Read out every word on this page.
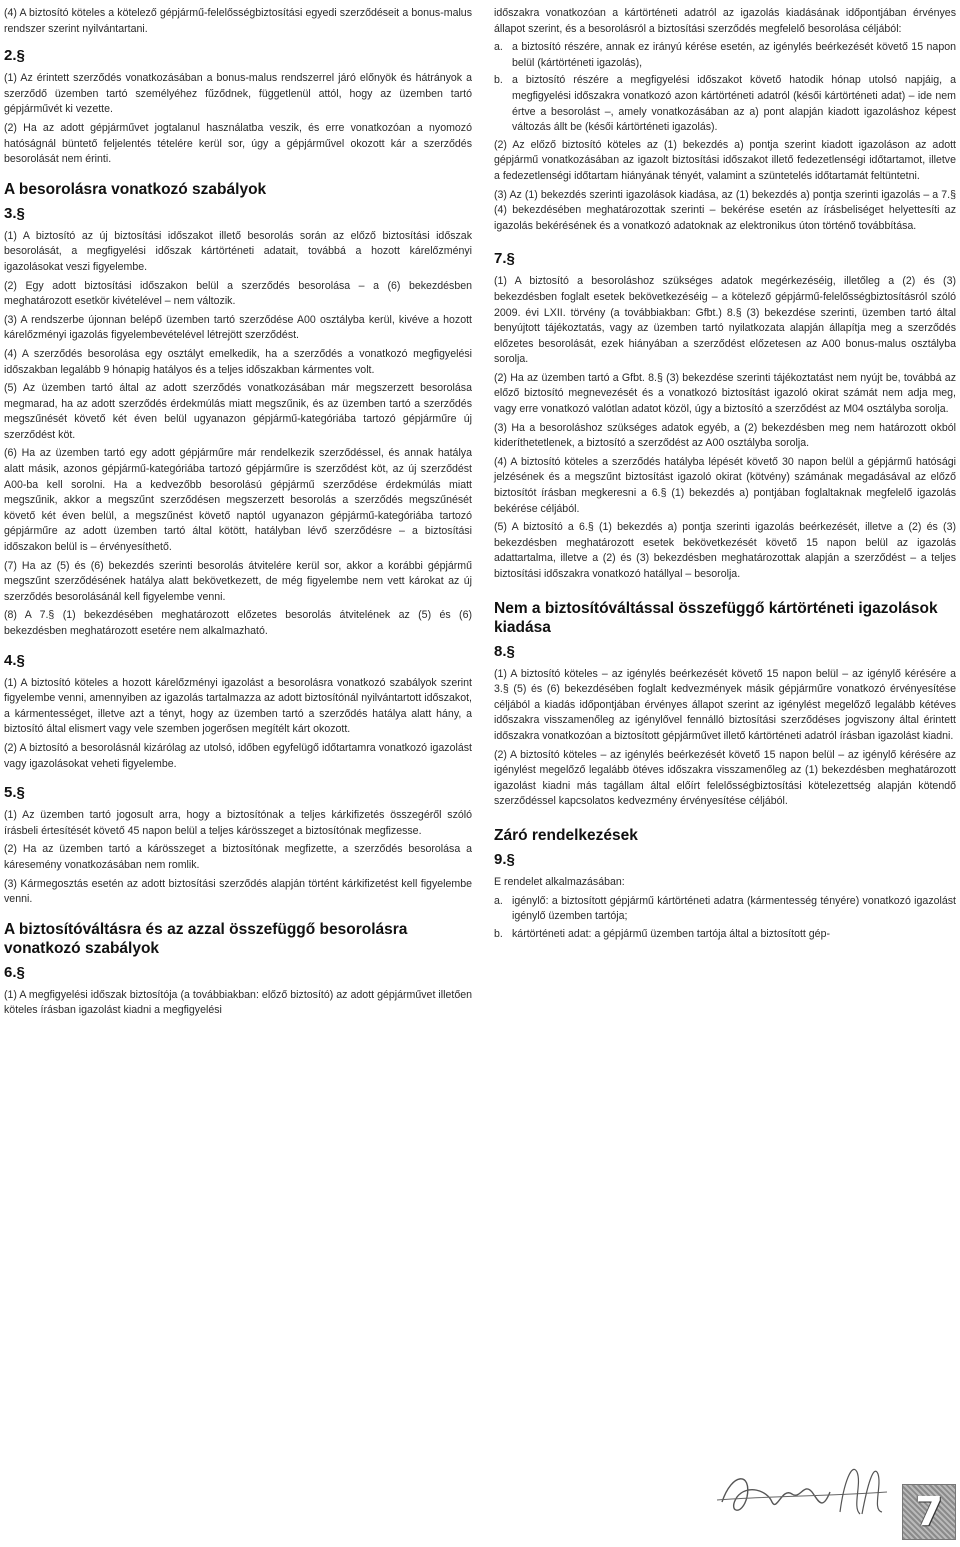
(4) A biztosító köteles a kötelező gépjármű-felelősségbiztosítási egyedi szerződéseit a bonus-malus rendszer szerint nyilvántartani.

2.§

(1) Az érintett szerződés vonatkozásában a bonus-malus rendszerrel járó előnyök és hátrányok a szerződő üzemben tartó személyéhez fűződnek, függetlenül attól, hogy az üzemben tartó gépjárművét ki vezette.

(2) Ha az adott gépjárművet jogtalanul használatba veszik, és erre vonatkozóan a nyomozó hatóságnál büntető feljelentés tételére kerül sor, úgy a gépjárművel okozott kár a szerződés besorolását nem érinti.

A besorolásra vonatkozó szabályok
3.§

(1) A biztosító az új biztosítási időszakot illető besorolás során az előző biztosítási időszak besorolását, a megfigyelési időszak kártörténeti adatait, továbbá a hozott kárelőzményi igazolásokat veszi figyelembe.

(2) Egy adott biztosítási időszakon belül a szerződés besorolása – a (6) bekezdésben meghatározott esetkör kivételével – nem változik.

(3) A rendszerbe újonnan belépő üzemben tartó szerződése A00 osztályba kerül, kivéve a hozott kárelőzményi igazolás figyelembevételével létrejött szerződést.

(4) A szerződés besorolása egy osztályt emelkedik, ha a szerződés a vonatkozó megfigyelési időszakban legalább 9 hónapig hatályos és a teljes időszakban kármentes volt.

(5) Az üzemben tartó által az adott szerződés vonatkozásában már megszerzett besorolása megmarad, ha az adott szerződés érdekmúlás miatt megszűnik, és az üzemben tartó a szerződés megszűnését követő két éven belül ugyanazon gépjármű-kategóriába tartozó gépjárműre új szerződést köt.

(6) Ha az üzemben tartó egy adott gépjárműre már rendelkezik szerződéssel, és annak hatálya alatt másik, azonos gépjármű-kategóriába tartozó gépjárműre is szerződést köt, az új szerződést A00-ba kell sorolni. Ha a kedvezőbb besorolású gépjármű szerződése érdekmúlás miatt megszűnik, akkor a megszűnt szerződésen megszerzett besorolás a szerződés megszűnését követő két éven belül, a megszűnést követő naptól ugyanazon gépjármű-kategóriába tartozó gépjárműre az adott üzemben tartó által kötött, hatályban lévő szerződésre – a biztosítási időszakon belül is – érvényesíthető.

(7) Ha az (5) és (6) bekezdés szerinti besorolás átvitelére kerül sor, akkor a korábbi gépjármű megszűnt szerződésének hatálya alatt bekövetkezett, de még figyelembe nem vett károkat az új szerződés besorolásánál kell figyelembe venni.

(8) A 7.§ (1) bekezdésében meghatározott előzetes besorolás átvitelének az (5) és (6) bekezdésben meghatározott esetére nem alkalmazható.

4.§

(1) A biztosító köteles a hozott kárelőzményi igazolást a besorolásra vonatkozó szabályok szerint figyelembe venni, amennyiben az igazolás tartalmazza az adott biztosítónál nyilvántartott időszakot, a kármentességet, illetve azt a tényt, hogy az üzemben tartó a szerződés hatálya alatt hány, a biztosító által elismert vagy vele szemben jogerősen megítélt kárt okozott.

(2) A biztosító a besorolásnál kizárólag az utolsó, időben egyfelügő időtartamra vonatkozó igazolást vagy igazolásokat veheti figyelembe.

5.§

(1) Az üzemben tartó jogosult arra, hogy a biztosítónak a teljes kárkifizetés összegéről szóló írásbeli értesítését követő 45 napon belül a teljes kárösszeget a biztosítónak megfizesse.

(2) Ha az üzemben tartó a kárösszeget a biztosítónak megfizette, a szerződés besorolása a káresemény vonatkozásában nem romlik.

(3) Kármegosztás esetén az adott biztosítási szerződés alapján történt kárkifizetést kell figyelembe venni.

A biztosítóváltásra és az azzal összefüggő besorolásra vonatkozó szabályok
6.§

(1) A megfigyelési időszak biztosítója (a továbbiakban: előző biztosító) az adott gépjárművet illetően köteles írásban igazolást kiadni a megfigyelési

időszakra vonatkozóan a kártörténeti adatról az igazolás kiadásának időpontjában érvényes állapot szerint, és a besorolásról a biztosítási szerződés megfelelő besorolása céljából:

a. a biztosító részére, annak ez irányú kérése esetén, az igénylés beérkezését követő 15 napon belül (kártörténeti igazolás),
b. a biztosító részére a megfigyelési időszakot követő hatodik hónap utolsó napjáig, a megfigyelési időszakra vonatkozó azon kártörténeti adatról (késői kártörténeti adat) – ide nem értve a besorolást –, amely vonatkozásában az a) pont alapján kiadott igazoláshoz képest változás állt be (késői kártörténeti igazolás).

(2) Az előző biztosító köteles az (1) bekezdés a) pontja szerint kiadott igazoláson az adott gépjármű vonatkozásában az igazolt biztosítási időszakot illető fedezetlenségi időtartamot, illetve a fedezetlenségi időtartam hiányának tényét, valamint a szüntetelés időtartamát feltüntetni.

(3) Az (1) bekezdés szerinti igazolások kiadása, az (1) bekezdés a) pontja szerinti igazolás – a 7.§ (4) bekezdésében meghatározottak szerinti – bekérése esetén az írásbeliséget helyettesíti az igazolás bekérésének és a vonatkozó adatoknak az elektronikus úton történő továbbítása.

7.§

(1) A biztosító a besoroláshoz szükséges adatok megérkezéséig, illetőleg a (2) és (3) bekezdésben foglalt esetek bekövetkezéséig – a kötelező gépjármű-felelősségbiztosításról szóló 2009. évi LXII. törvény (a továbbiakban: Gfbt.) 8.§ (3) bekezdése szerinti, üzemben tartó által benyújtott tájékoztatás, vagy az üzemben tartó nyilatkozata alapján állapítja meg a szerződés előzetes besorolását, ezek hiányában a szerződést előzetesen az A00 bonus-malus osztályba sorolja.

(2) Ha az üzemben tartó a Gfbt. 8.§ (3) bekezdése szerinti tájékoztatást nem nyújt be, továbbá az előző biztosító megnevezését és a vonatkozó biztosítást igazoló okirat számát nem adja meg, vagy erre vonatkozó valótlan adatot közöl, úgy a biztosító a szerződést az M04 osztályba sorolja.

(3) Ha a besoroláshoz szükséges adatok egyéb, a (2) bekezdésben meg nem határozott okból kideríthetetlenek, a biztosító a szerződést az A00 osztályba sorolja.

(4) A biztosító köteles a szerződés hatályba lépését követő 30 napon belül a gépjármű hatósági jelzésének és a megszűnt biztosítást igazoló okirat (kötvény) számának megadásával az előző biztosítót írásban megkeresni a 6.§ (1) bekezdés a) pontjában foglaltaknak megfelelő igazolás bekérése céljából.

(5) A biztosító a 6.§ (1) bekezdés a) pontja szerinti igazolás beérkezését, illetve a (2) és (3) bekezdésben meghatározott esetek bekövetkezését követő 15 napon belül az igazolás adattartalma, illetve a (2) és (3) bekezdésben meghatározottak alapján a szerződést – a teljes biztosítási időszakra vonatkozó hatállyal – besorolja.

Nem a biztosítóváltással összefüggő kártörténeti igazolások kiadása
8.§

(1) A biztosító köteles – az igénylés beérkezését követő 15 napon belül – az igénylő kérésére a 3.§ (5) és (6) bekezdésében foglalt kedvezmények másik gépjárműre vonatkozó érvényesítése céljából a kiadás időpontjában érvényes állapot szerint az igénylést megelőző legalább kétéves időszakra visszamenőleg az igénylővel fennálló biztosítási szerződéses jogviszony által érintett időszakra vonatkozóan a biztosított gépjárművet illető kártörténeti adatról írásban igazolást kiadni.

(2) A biztosító köteles – az igénylés beérkezését követő 15 napon belül – az igénylő kérésére az igénylést megelőző legalább ötéves időszakra visszamenőleg az (1) bekezdésben meghatározott igazolást kiadni más tagállam által előírt felelősségbiztosítási kötelezettség alapján kötendő szerződéssel kapcsolatos kedvezmény érvényesítése céljából.

Záró rendelkezések
9.§

E rendelet alkalmazásában:

a. igénylő: a biztosított gépjármű kártörténeti adatra (kármentesség tényére) vonatkozó igazolást igénylő üzemben tartója;
b. kártörténeti adat: a gépjármű üzemben tartója által a biztosított gép-
7
